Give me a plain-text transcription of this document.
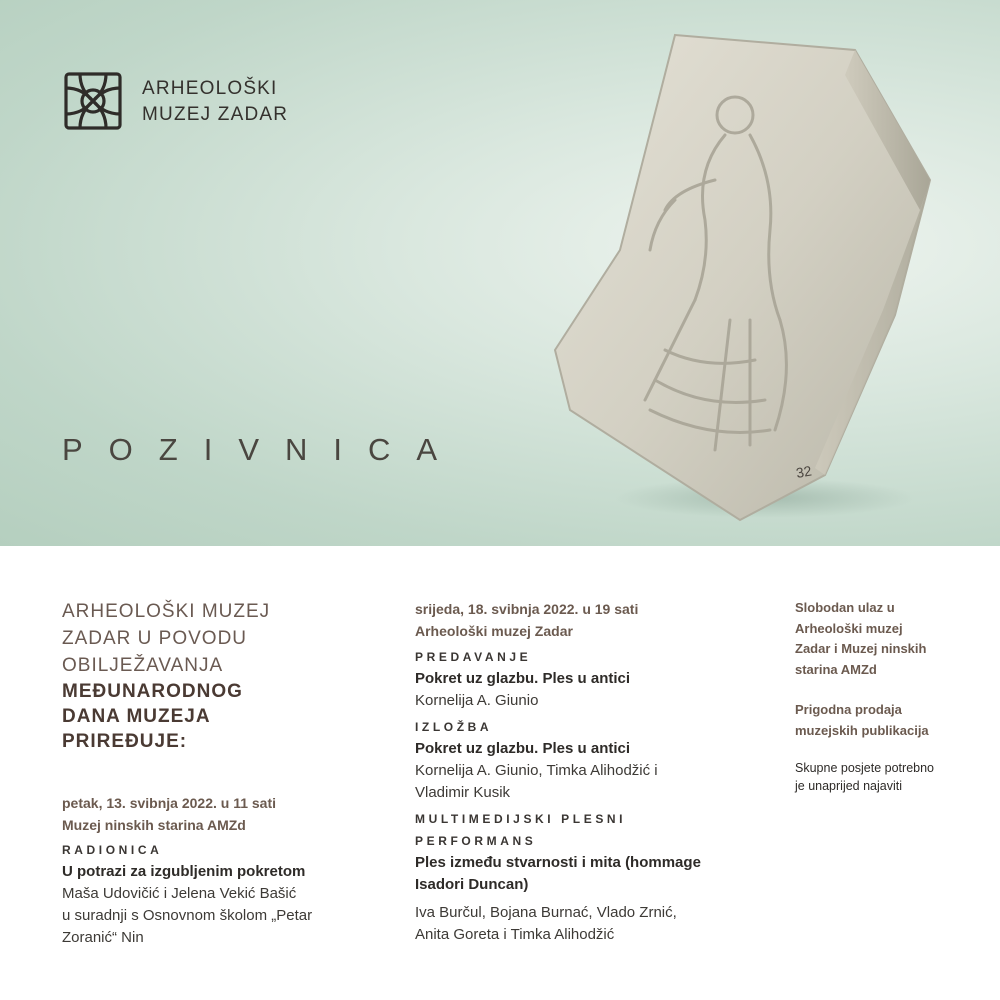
ARHEOLOŠKI
MUZEJ ZADAR
POZIVNICA
32
ARHEOLOŠKI MUZEJ
ZADAR U POVODU
OBILJEŽAVANJA
MEĐUNARODNOG
DANA MUZEJA
PRIREĐUJE:
petak, 13. svibnja 2022. u 11 sati
Muzej ninskih starina AMZd
RADIONICA
U potrazi za izgubljenim pokretom
Maša Udovičić i Jelena Vekić Bašić
u suradnji s Osnovnom školom „Petar
Zoranić“ Nin
srijeda, 18. svibnja 2022. u 19 sati
Arheološki muzej Zadar
PREDAVANJE
Pokret uz glazbu. Ples u antici
Kornelija A. Giunio
IZLOŽBA
Pokret uz glazbu. Ples u antici
Kornelija A. Giunio, Timka Alihodžić i
Vladimir Kusik
MULTIMEDIJSKI PLESNI
PERFORMANS
Ples između stvarnosti i mita (hommage
Isadori Duncan)
Iva Burčul, Bojana Burnać, Vlado Zrnić,
Anita Goreta i Timka Alihodžić
Slobodan ulaz u
Arheološki muzej
Zadar i Muzej ninskih
starina AMZd
Prigodna prodaja
muzejskih publikacija
Skupne posjete potrebno
je unaprijed najaviti
